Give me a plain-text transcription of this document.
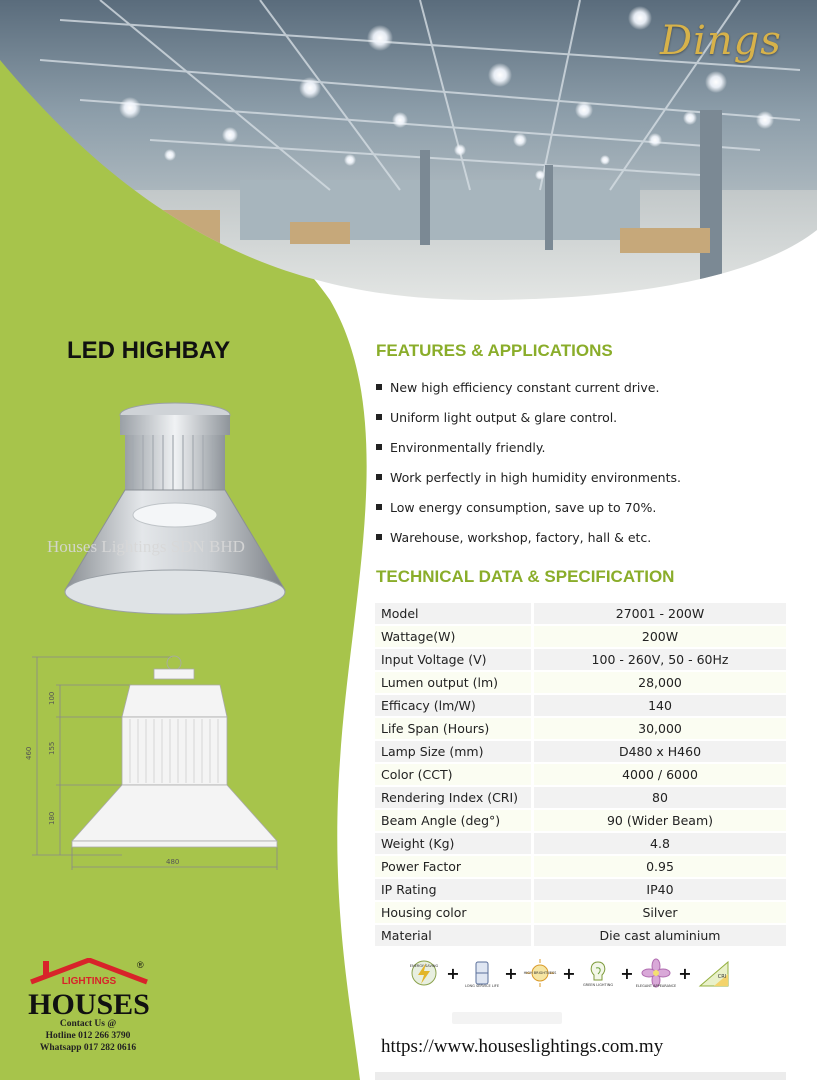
Dings
LED HIGHBAY
Houses Lightings SDN BHD
460
100
155
180
480
FEATURES & APPLICATIONS
New high efficiency constant current drive.
Uniform light output & glare control.
Environmentally friendly.
Work perfectly in high humidity environments.
Low energy consumption, save up to 70%.
Warehouse, workshop, factory, hall & etc.
TECHNICAL DATA & SPECIFICATION
Model	27001 - 200W
Wattage(W)	200W
Input Voltage (V)	100 - 260V, 50 - 60Hz
Lumen output (lm)	28,000
Efficacy (lm/W)	140
Life Span (Hours)	30,000
Lamp Size (mm)	D480 x H460
Color (CCT)	4000 / 6000
Rendering Index (CRI)	80
Beam Angle (deg°)	90 (Wider Beam)
Weight (Kg)	4.8
Power Factor	0.95
IP Rating	IP40
Housing color	Silver
Material	Die cast aluminium
ENERGY SAVING +
LONG SERVICE LIFE
+	HIGH BRIGHTNESS +
GREEN LIGHTING
+
ELEGANT APPEARANCE
+	CRI
LIGHTINGS
HOUSES
®
Contact Us @
Hotline 012 266 3790
Whatsapp 017 282 0616	https://www.houseslightings.com.my
